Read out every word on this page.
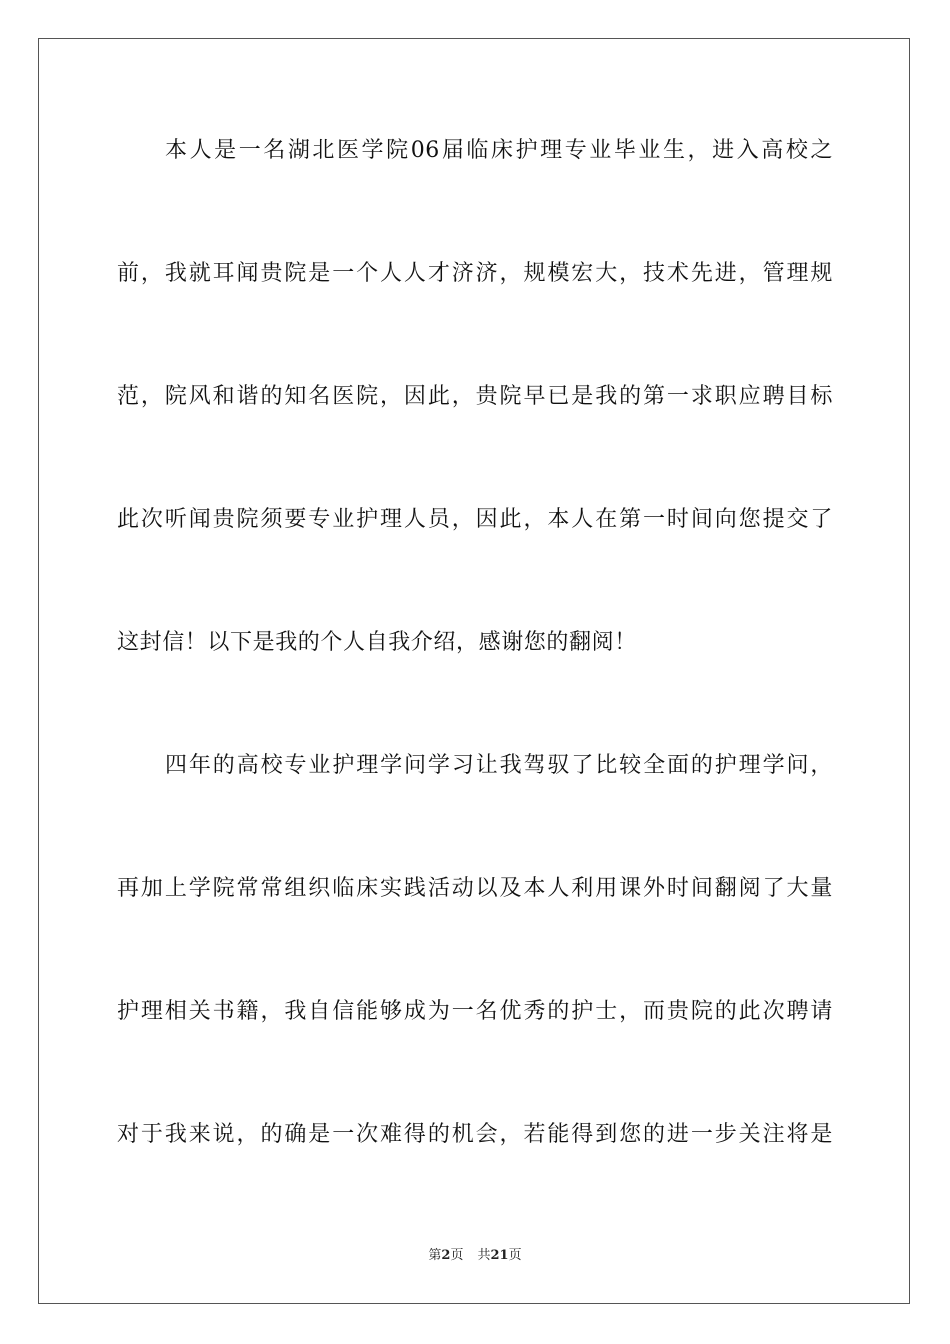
本人是一名湖北医学院06届临床护理专业毕业生，进入高校之
前，我就耳闻贵院是一个人人才济济，规模宏大，技术先进，管理规
范，院风和谐的知名医院，因此，贵院早已是我的第一求职应聘目标
此次听闻贵院须要专业护理人员，因此，本人在第一时间向您提交了
这封信！以下是我的个人自我介绍，感谢您的翻阅！
四年的高校专业护理学问学习让我驾驭了比较全面的护理学问，
再加上学院常常组织临床实践活动以及本人利用课外时间翻阅了大量
护理相关书籍，我自信能够成为一名优秀的护士，而贵院的此次聘请
对于我来说，的确是一次难得的机会，若能得到您的进一步关注将是
第2页 共21页
